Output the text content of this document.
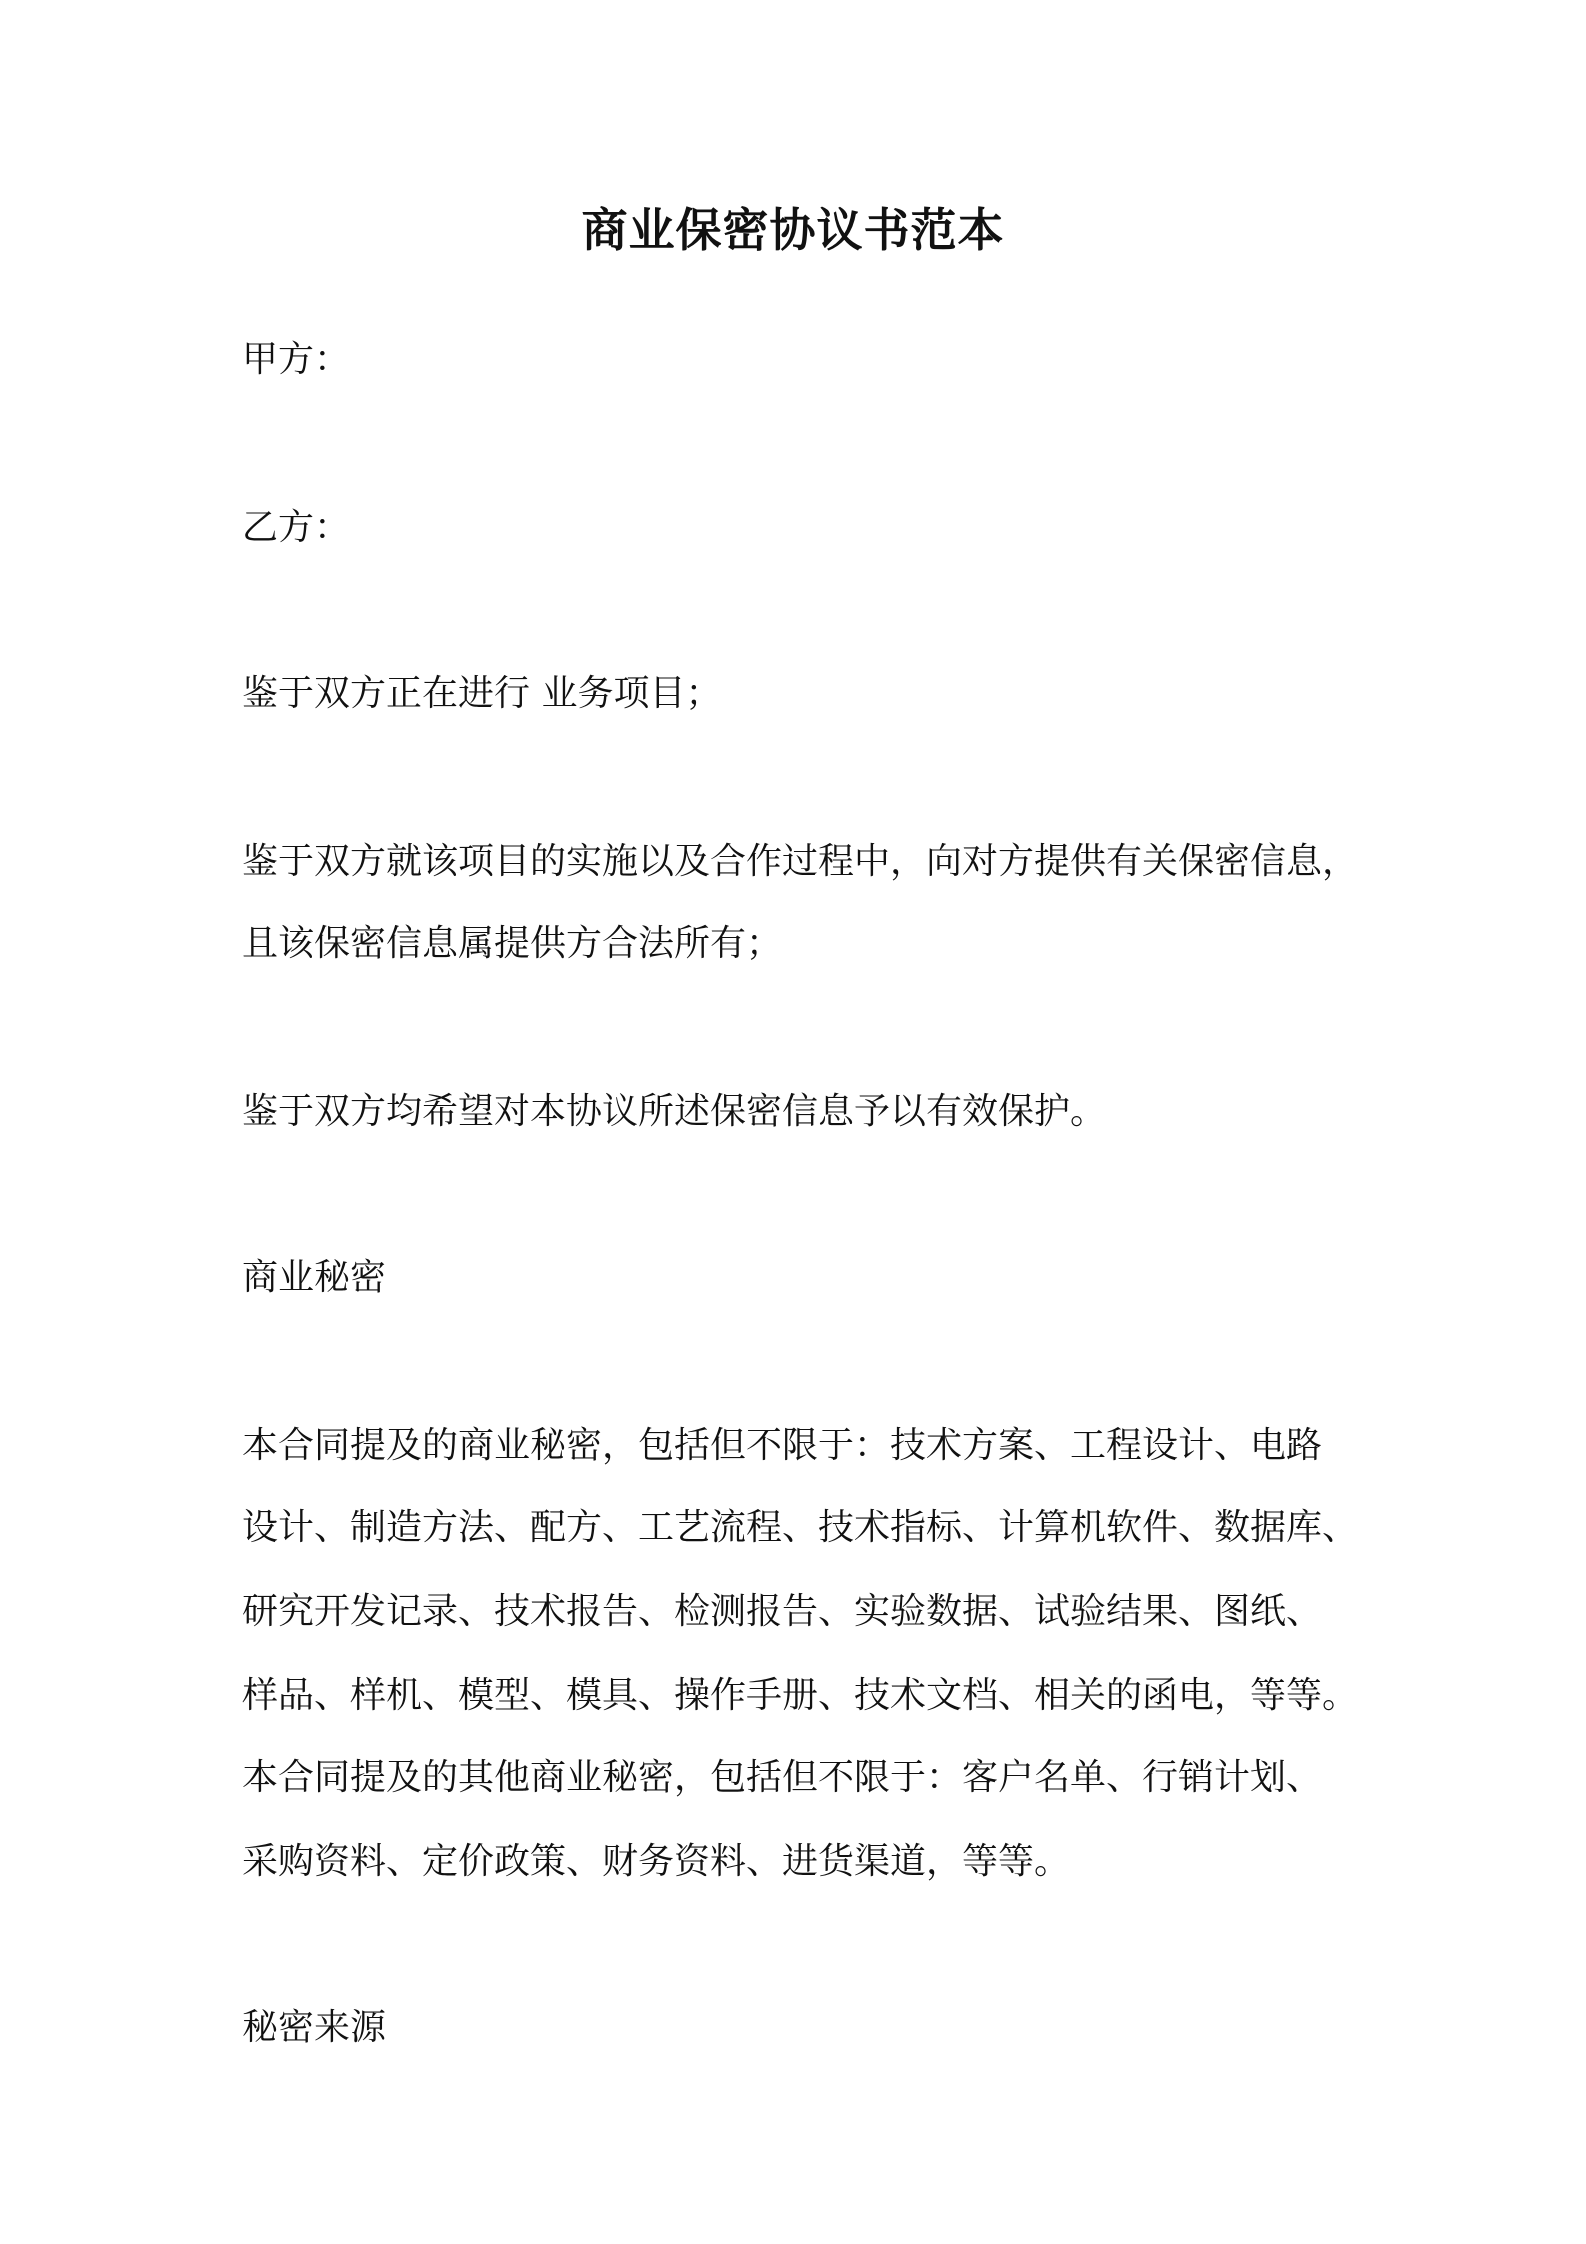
商业保密协议书范本

甲方：

乙方：

鉴于双方正在进行 业务项目；

鉴于双方就该项目的实施以及合作过程中，向对方提供有关保密信息，

且该保密信息属提供方合法所有；

鉴于双方均希望对本协议所述保密信息予以有效保护。

商业秘密

本合同提及的商业秘密，包括但不限于：技术方案、工程设计、电路

设计、制造方法、配方、工艺流程、技术指标、计算机软件、数据库、

研究开发记录、技术报告、检测报告、实验数据、试验结果、图纸、

样品、样机、模型、模具、操作手册、技术文档、相关的函电，等等。

本合同提及的其他商业秘密，包括但不限于：客户名单、行销计划、

采购资料、定价政策、财务资料、进货渠道，等等。

秘密来源
